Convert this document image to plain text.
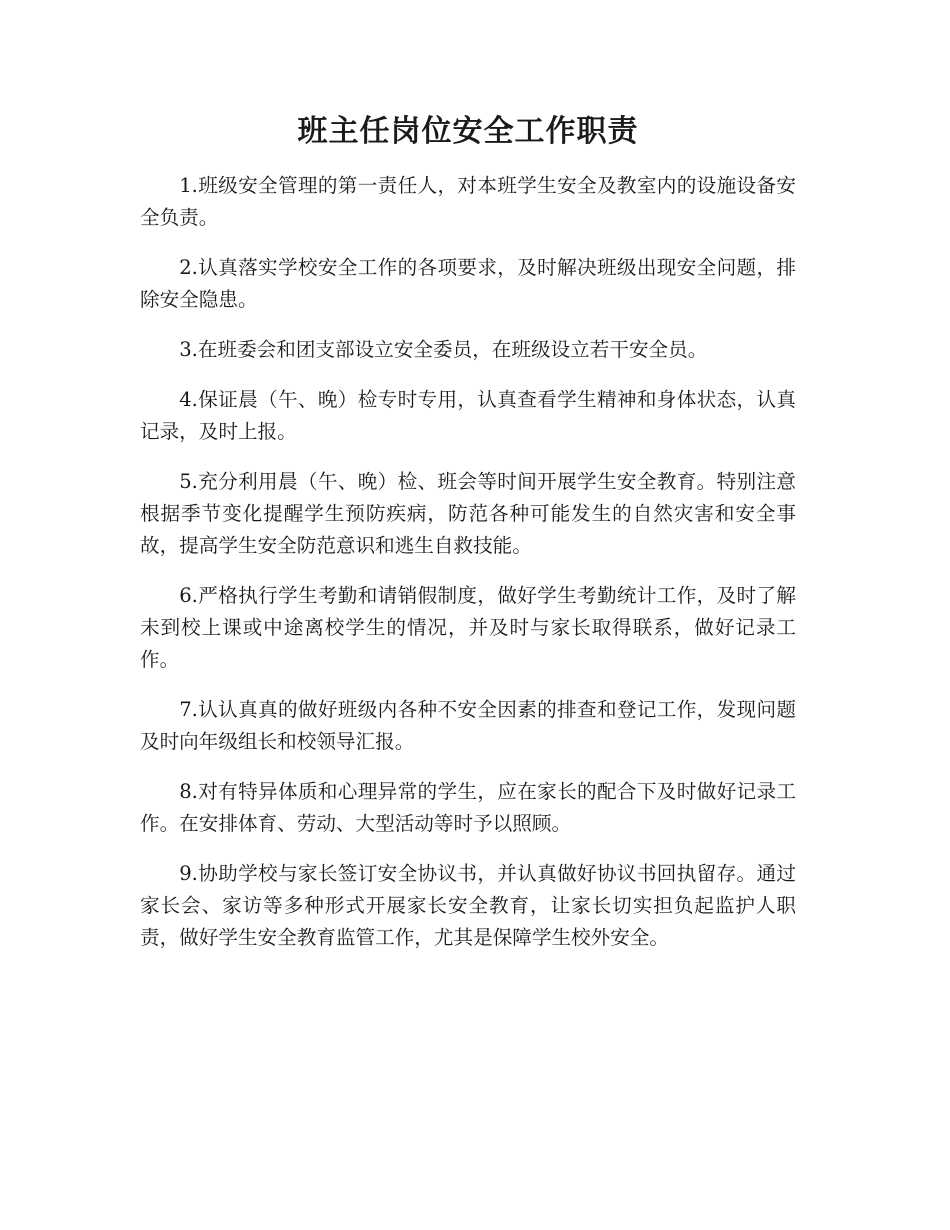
班主任岗位安全工作职责

1.班级安全管理的第一责任人，对本班学生安全及教室内的设施设备安全负责。

2.认真落实学校安全工作的各项要求，及时解决班级出现安全问题，排除安全隐患。

3.在班委会和团支部设立安全委员，在班级设立若干安全员。

4.保证晨（午、晚）检专时专用，认真查看学生精神和身体状态，认真记录，及时上报。

5.充分利用晨（午、晚）检、班会等时间开展学生安全教育。特别注意根据季节变化提醒学生预防疾病，防范各种可能发生的自然灾害和安全事故，提高学生安全防范意识和逃生自救技能。

6.严格执行学生考勤和请销假制度，做好学生考勤统计工作，及时了解未到校上课或中途离校学生的情况，并及时与家长取得联系，做好记录工作。

7.认认真真的做好班级内各种不安全因素的排查和登记工作，发现问题及时向年级组长和校领导汇报。

8.对有特异体质和心理异常的学生，应在家长的配合下及时做好记录工作。在安排体育、劳动、大型活动等时予以照顾。

9.协助学校与家长签订安全协议书，并认真做好协议书回执留存。通过家长会、家访等多种形式开展家长安全教育，让家长切实担负起监护人职责，做好学生安全教育监管工作，尤其是保障学生校外安全。
